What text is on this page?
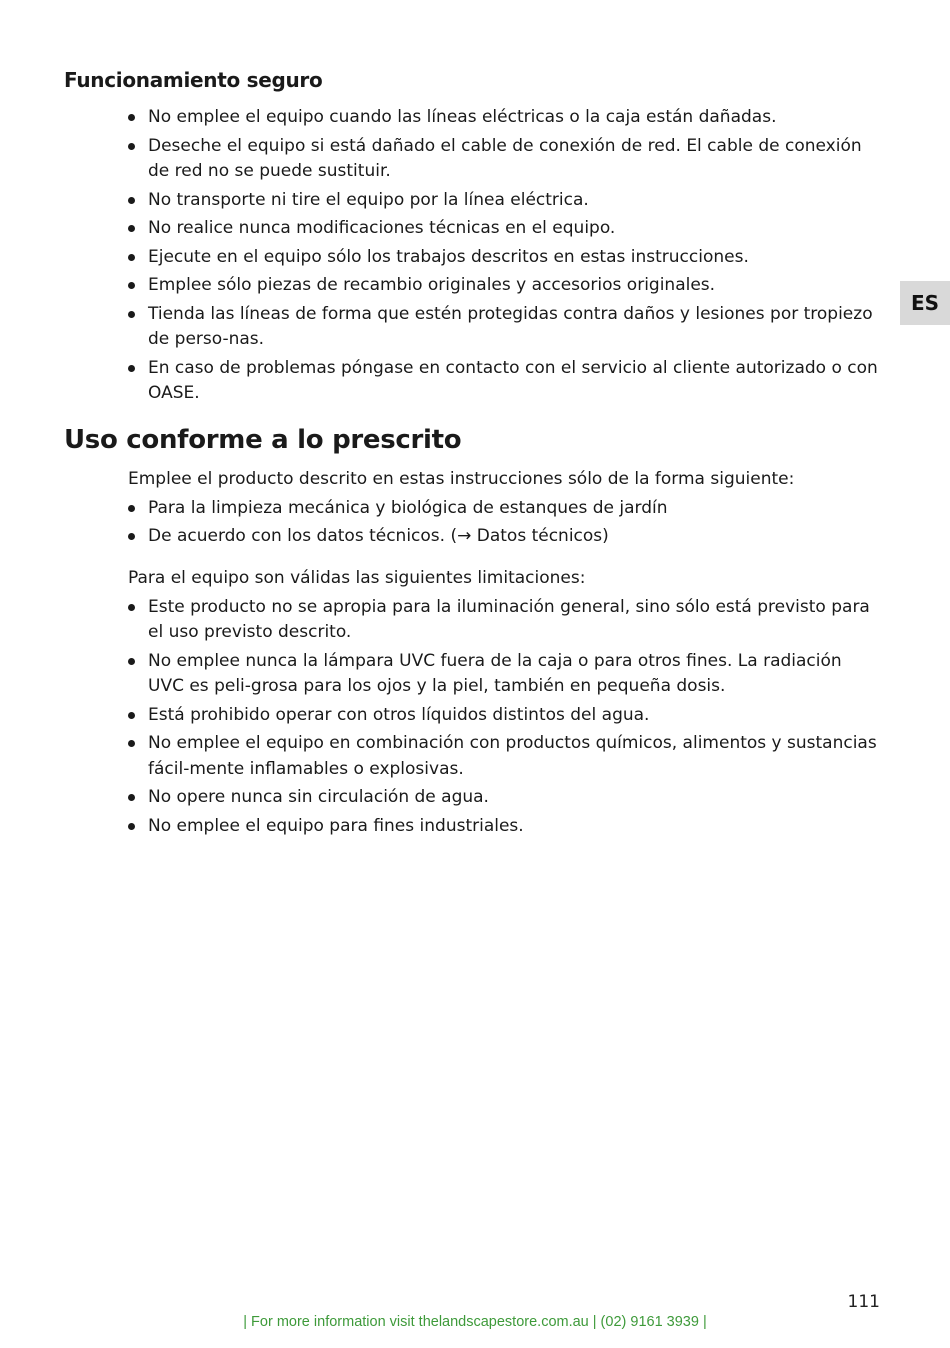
Funcionamiento seguro
No emplee el equipo cuando las líneas eléctricas o la caja están dañadas.
Deseche el equipo si está dañado el cable de conexión de red. El cable de conexión de red no se puede sustituir.
No transporte ni tire el equipo por la línea eléctrica.
No realice nunca modificaciones técnicas en el equipo.
Ejecute en el equipo sólo los trabajos descritos en estas instrucciones.
Emplee sólo piezas de recambio originales y accesorios originales.
Tienda las líneas de forma que estén protegidas contra daños y lesiones por tropiezo de perso-nas.
En caso de problemas póngase en contacto con el servicio al cliente autorizado o con OASE.
ES
Uso conforme a lo prescrito

Emplee el producto descrito en estas instrucciones sólo de la forma siguiente:

Para la limpieza mecánica y biológica de estanques de jardín
De acuerdo con los datos técnicos. (→ Datos técnicos)

Para el equipo son válidas las siguientes limitaciones:

Este producto no se apropia para la iluminación general, sino sólo está previsto para el uso previsto descrito.
No emplee nunca la lámpara UVC fuera de la caja o para otros fines. La radiación UVC es peli-grosa para los ojos y la piel, también en pequeña dosis.
Está prohibido operar con otros líquidos distintos del agua.
No emplee el equipo en combinación con productos químicos, alimentos y sustancias fácil-mente inflamables o explosivas.
No opere nunca sin circulación de agua.
No emplee el equipo para fines industriales.
111
| For more information visit thelandscapestore.com.au | (02) 9161 3939 |
